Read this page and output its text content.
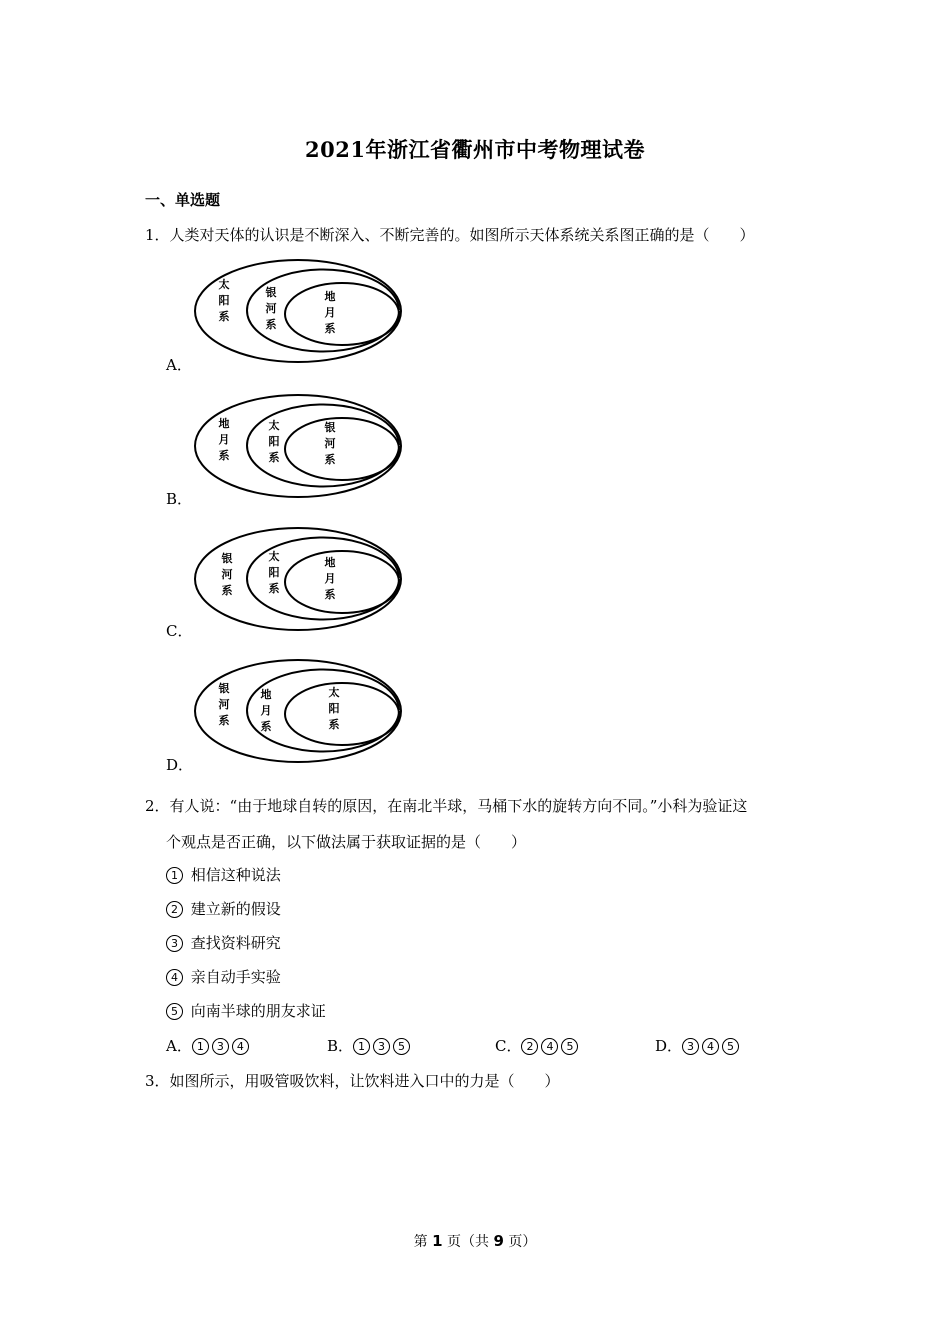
2021年浙江省衢州市中考物理试卷
一、单选题
1．人类对天体的认识是不断深入、不断完善的。如图所示天体系统关系图正确的是（　　）
太
阳
系
银
河
系
地
月
系
A．
地
月
系
太
阳
系
银
河
系
B．
银
河
系
太
阳
系
地
月
系
C．
银
河
系
地
月
系
太
阳
系
D．
2．有人说：“由于地球自转的原因，在南北半球，马桶下水的旋转方向不同。”小科为验证这
个观点是否正确，以下做法属于获取证据的是（　　）
1 相信这种说法
2 建立新的假设
3 查找资料研究
4 亲自动手实验
5 向南半球的朋友求证
A． 1 3 4	B． 1 3 5	C． 2 4 5	D． 3 4 5
3．如图所示，用吸管吸饮料，让饮料进入口中的力是（　　）
第 1 页（共 9 页）
